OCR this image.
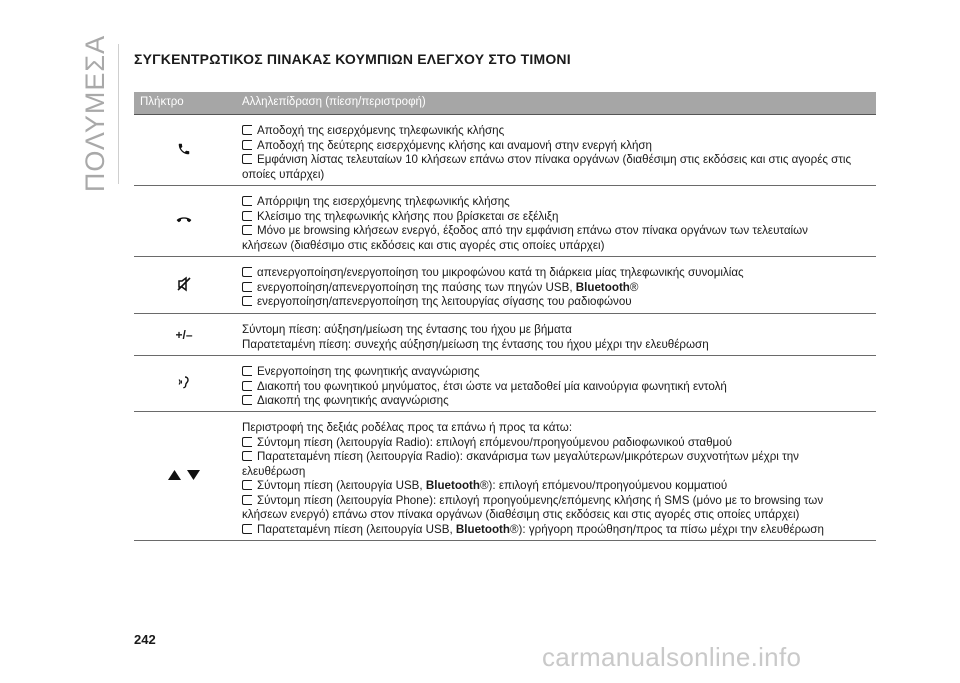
ΠΟΛΥΜΕΣΑ ΣΥΓΚΕΝΤΡΩΤΙΚΟΣ ΠΙΝΑΚΑΣ ΚΟΥΜΠΙΩΝ ΕΛΕΓΧΟΥ ΣΤΟ ΤΙΜΟΝΙ
Πλήκτρο	Αλληλεπίδραση (πίεση/περιστροφή)
Αποδοχή της εισερχόμενης τηλεφωνικής κλήσης
Αποδοχή της δεύτερης εισερχόμενης κλήσης και αναμονή στην ενεργή κλήση
Εμφάνιση λίστας τελευταίων 10 κλήσεων επάνω στον πίνακα οργάνων (διαθέσιμη στις εκδόσεις και στις αγορές στις
οποίες υπάρχει)
Απόρριψη της εισερχόμενης τηλεφωνικής κλήσης
Κλείσιμο της τηλεφωνικής κλήσης που βρίσκεται σε εξέλιξη
Μόνο με browsing κλήσεων ενεργό, έξοδος από την εμφάνιση επάνω στον πίνακα οργάνων των τελευταίων
κλήσεων (διαθέσιμο στις εκδόσεις και στις αγορές στις οποίες υπάρχει)
απενεργοποίηση/ενεργοποίηση του μικροφώνου κατά τη διάρκεια μίας τηλεφωνικής συνομιλίας
ενεργοποίηση/απενεργοποίηση της παύσης των πηγών USB, Bluetooth®
ενεργοποίηση/απενεργοποίηση της λειτουργίας σίγασης του ραδιοφώνου
+/–	Σύντομη πίεση: αύξηση/μείωση της έντασης του ήχου με βήματα
Παρατεταμένη πίεση: συνεχής αύξηση/μείωση της έντασης του ήχου μέχρι την ελευθέρωση
Ενεργοποίηση της φωνητικής αναγνώρισης
Διακοπή του φωνητικού μηνύματος, έτσι ώστε να μεταδοθεί μία καινούργια φωνητική εντολή
Διακοπή της φωνητικής αναγνώρισης
Περιστροφή της δεξιάς ροδέλας προς τα επάνω ή προς τα κάτω:
Σύντομη πίεση (λειτουργία Radio): επιλογή επόμενου/προηγούμενου ραδιοφωνικού σταθμού
Παρατεταμένη πίεση (λειτουργία Radio): σκανάρισμα των μεγαλύτερων/μικρότερων συχνοτήτων μέχρι την
ελευθέρωση
Σύντομη πίεση (λειτουργία USB, Bluetooth®): επιλογή επόμενου/προηγούμενου κομματιού
Σύντομη πίεση (λειτουργία Phone): επιλογή προηγούμενης/επόμενης κλήσης ή SMS (μόνο με το browsing των
κλήσεων ενεργό) επάνω στον πίνακα οργάνων (διαθέσιμη στις εκδόσεις και στις αγορές στις οποίες υπάρχει)
Παρατεταμένη πίεση (λειτουργία USB, Bluetooth®): γρήγορη προώθηση/προς τα πίσω μέχρι την ελευθέρωση
242
carmanualsonline.info
